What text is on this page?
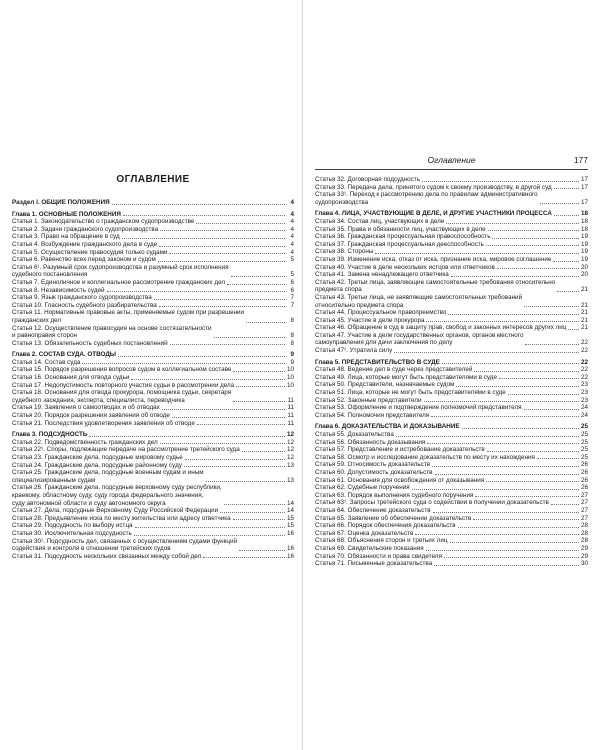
ОГЛАВЛЕНИЕ
Раздел I. ОБЩИЕ ПОЛОЖЕНИЯ	4
Глава 1. ОСНОВНЫЕ ПОЛОЖЕНИЯ	4
Статья 1. Законодательство о гражданском судопроизводстве	4
Статья 2. Задачи гражданского судопроизводства	4
Статья 3. Право на обращение в суд	4
Статья 4. Возбуждение гражданского дела в суде	4
Статья 5. Осуществление правосудия только судами	4
Статья 6. Равенство всех перед законом и судом	5
Статья 6¹. Разумный срок судопроизводства и разумный срок исполнения
судебного постановления	5
Статья 7. Единоличное и коллегиальное рассмотрение гражданских дел	6
Статья 8. Независимость судей	6
Статья 9. Язык гражданского судопроизводства	7
Статья 10. Гласность судебного разбирательства	7
Статья 11. Нормативные правовые акты, применяемые судом при разрешении
гражданских дел	8
Статья 12. Осуществление правосудия на основе состязательности
и равноправия сторон	8
Статья 13. Обязательность судебных постановлений	8
Глава 2. СОСТАВ СУДА. ОТВОДЫ	9
Статья 14. Состав суда	9
Статья 15. Порядок разрешения вопросов судом в коллегиальном составе	10
Статья 16. Основания для отвода судьи	10
Статья 17. Недопустимость повторного участия судьи в рассмотрении дела	10
Статья 18. Основания для отвода прокурора, помощника судьи, секретаря
судебного заседания, эксперта, специалиста, переводчика	11
Статья 19. Заявления о самоотводах и об отводах	11
Статья 20. Порядок разрешения заявления об отводе	11
Статья 21. Последствия удовлетворения заявления об отводе	11
Глава 3. ПОДСУДНОСТЬ	12
Статья 22. Подведомственность гражданских дел	12
Статья 22¹. Споры, подлежащие передаче на рассмотрение третейского суда	12
Статья 23. Гражданские дела, подсудные мировому судье	12
Статья 24. Гражданские дела, подсудные районному суду	13
Статья 25. Гражданские дела, подсудные военным судам и иным
специализированным судам	13
Статья 26. Гражданские дела, подсудные верховному суду республики,
краевому, областному суду, суду города федерального значения,
суду автономной области и суду автономного округа	14
Статья 27. Дела, подсудные Верховному Суду Российской Федерации	14
Статья 28. Предъявление иска по месту жительства или адресу ответчика	15
Статья 29. Подсудность по выбору истца	15
Статья 30. Исключительная подсудность	16
Статья 30¹. Подсудность дел, связанных с осуществлением судами функций
содействия и контроля в отношении третейских судов	16
Статья 31. Подсудность нескольких связанных между собой дел	16
Оглавление	177
Статья 32. Договорная подсудность	17
Статья 33. Передача дела, принятого судом к своему производству, в другой суд	17
Статья 33¹. Переход к рассмотрению дела по правилам административного
судопроизводства	17
Глава 4. ЛИЦА, УЧАСТВУЮЩИЕ В ДЕЛЕ, И ДРУГИЕ УЧАСТНИКИ ПРОЦЕССА	18
Статья 34. Состав лиц, участвующих в деле	18
Статья 35. Права и обязанности лиц, участвующих в деле	18
Статья 36. Гражданская процессуальная правоспособность	19
Статья 37. Гражданская процессуальная дееспособность	19
Статья 38. Стороны	19
Статья 39. Изменение иска, отказ от иска, признание иска, мировое соглашение	19
Статья 40. Участие в деле нескольких истцов или ответчиков	20
Статья 41. Замена ненадлежащего ответчика	20
Статья 42. Третьи лица, заявляющие самостоятельные требования относительно
предмета спора	21
Статья 43. Третьи лица, не заявляющие самостоятельных требований
относительно предмета спора	21
Статья 44. Процессуальное правопреемство	21
Статья 45. Участие в деле прокурора	21
Статья 46. Обращение в суд в защиту прав, свобод и законных интересов других лиц 21
Статья 47. Участие в деле государственных органов, органов местного
самоуправления для дачи заключения по делу	22
Статья 47¹. Утратила силу	22
Глава 5. ПРЕДСТАВИТЕЛЬСТВО В СУДЕ	22
Статья 48. Ведение дел в суде через представителей	22
Статья 49. Лица, которые могут быть представителями в суде	22
Статья 50. Представители, назначаемые судом	23
Статья 51. Лица, которые не могут быть представителями в суде	23
Статья 52. Законные представители	23
Статья 53. Оформление и подтверждение полномочий представителя	24
Статья 54. Полномочия представителя	24
Глава 6. ДОКАЗАТЕЛЬСТВА И ДОКАЗЫВАНИЕ	25
Статья 55. Доказательства	25
Статья 56. Обязанность доказывания	25
Статья 57. Представление и истребование доказательств	25
Статья 58. Осмотр и исследование доказательств по месту их нахождения	25
Статья 59. Относимость доказательств	26
Статья 60. Допустимость доказательств	26
Статья 61. Основания для освобождения от доказывания	26
Статья 62. Судебные поручения	26
Статья 63. Порядок выполнения судебного поручения	27
Статья 63¹. Запросы третейского суда о содействии в получении доказательств	27
Статья 64. Обеспечение доказательств	27
Статья 65. Заявление об обеспечении доказательств	27
Статья 66. Порядок обеспечения доказательств	28
Статья 67. Оценка доказательств	28
Статья 68. Объяснения сторон и третьих лиц	28
Статья 69. Свидетельские показания	29
Статья 70. Обязанности и права свидетеля	29
Статья 71. Письменные доказательства	30
